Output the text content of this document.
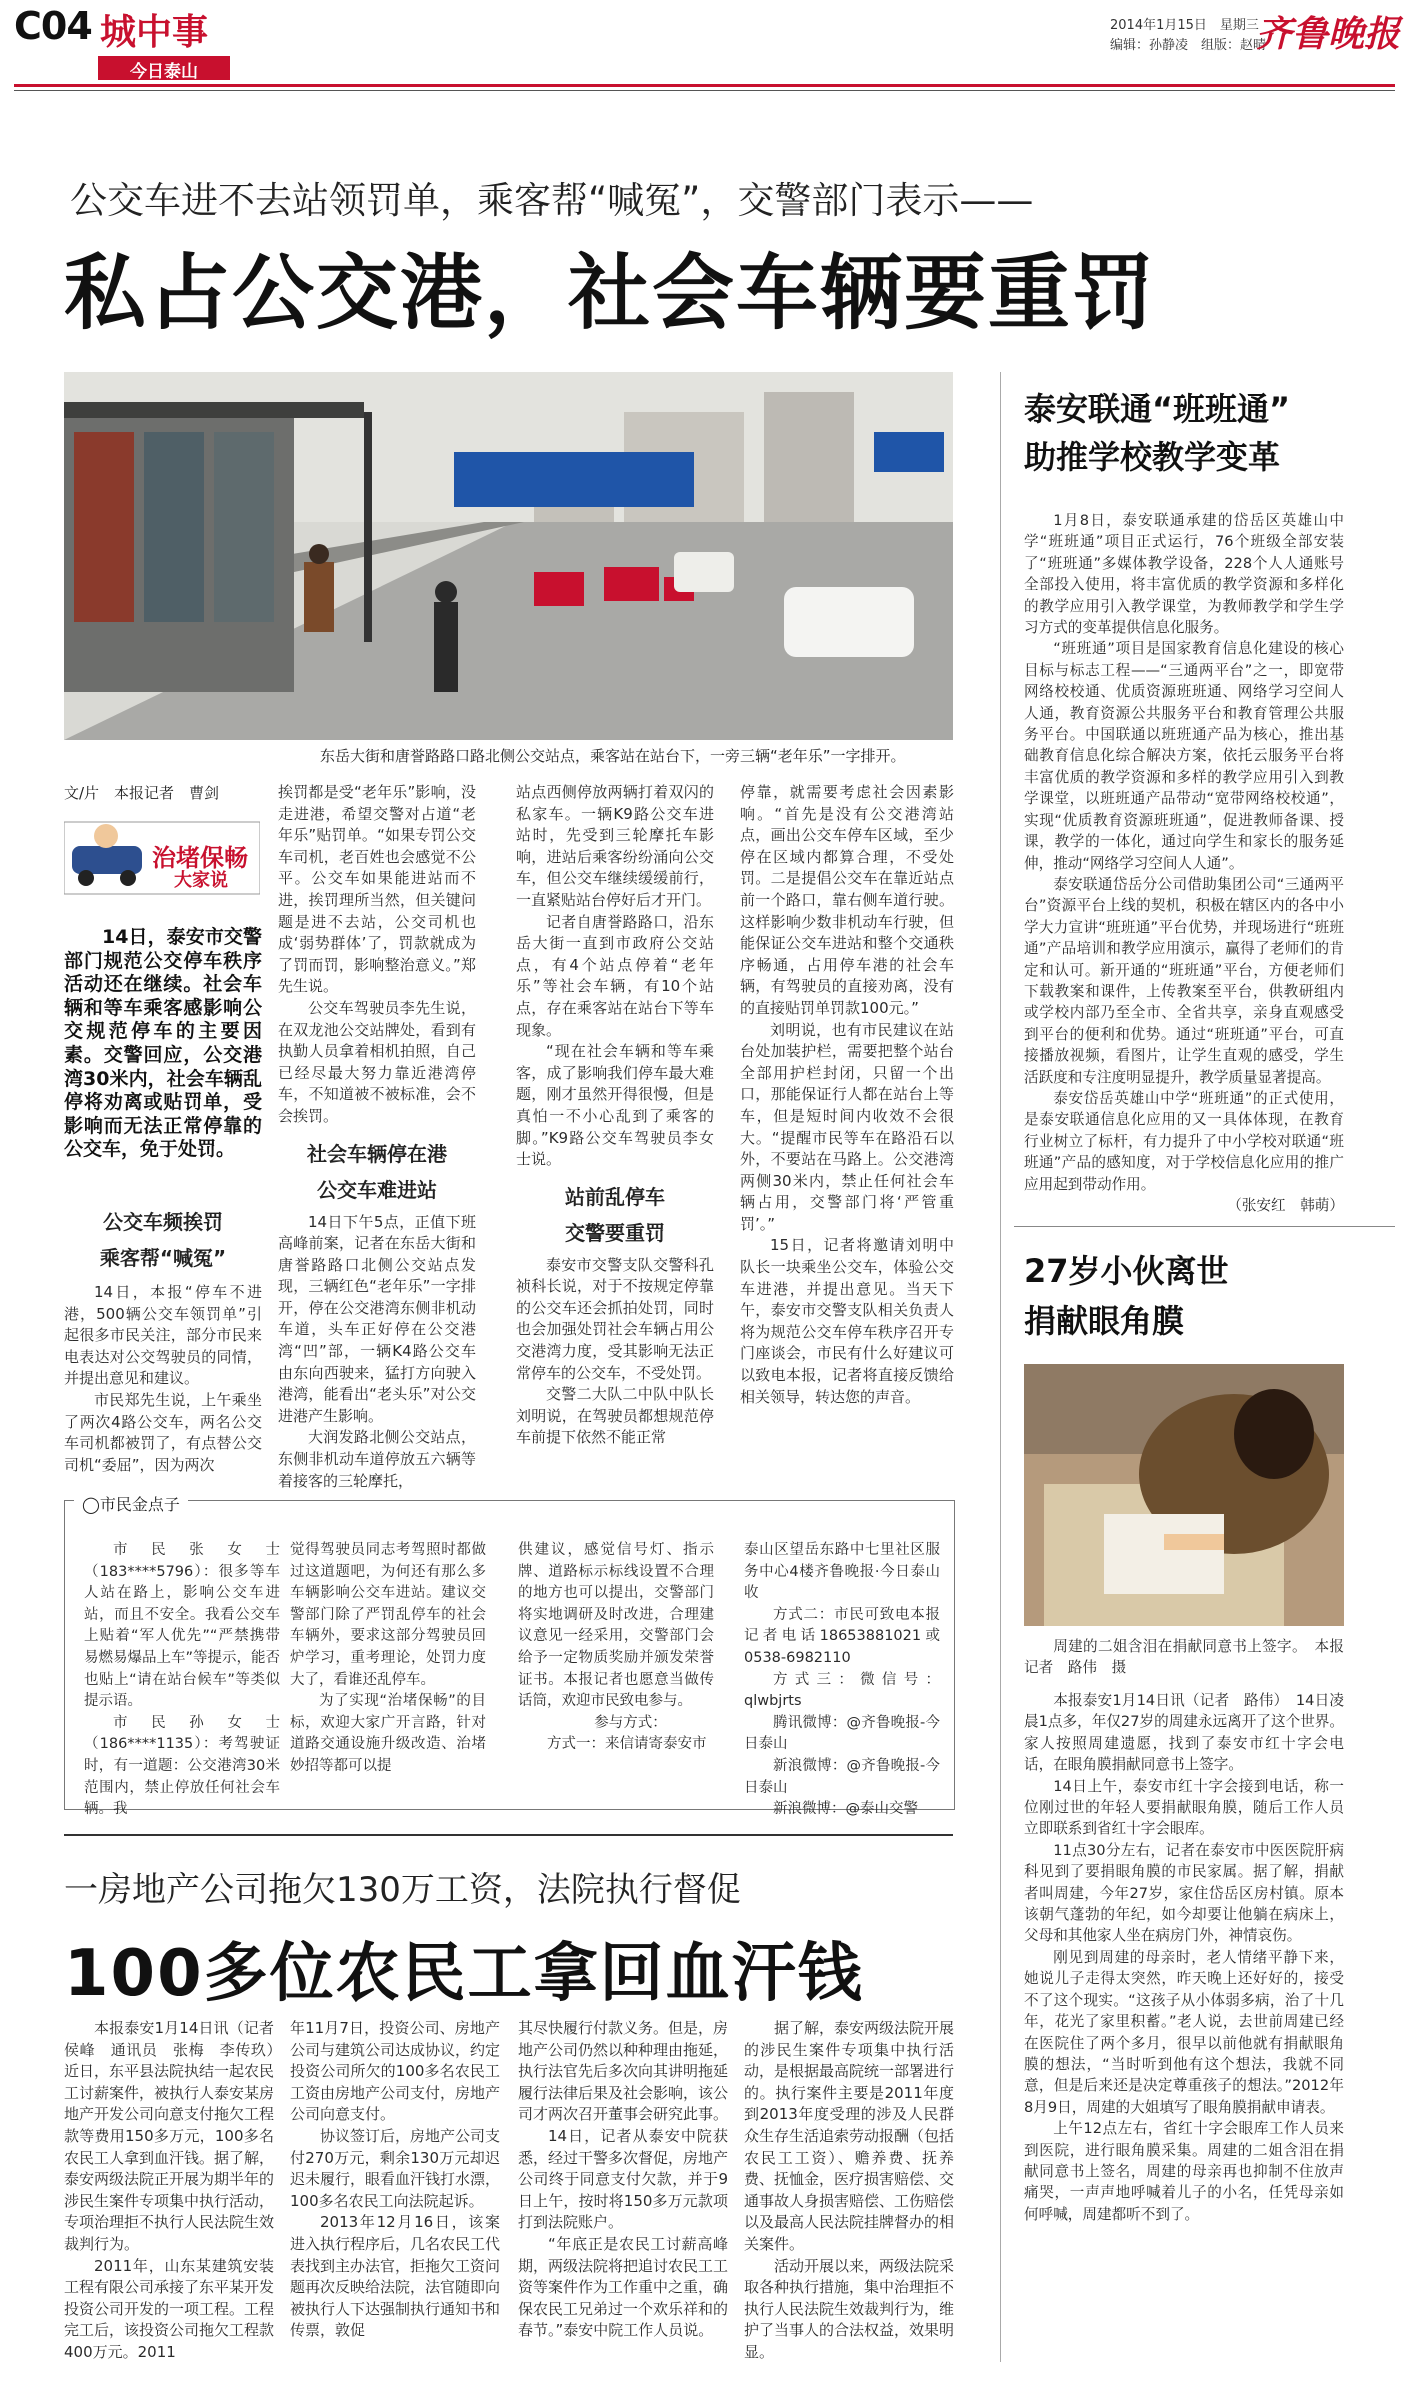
C04 城中事
今日泰山
2014年1月15日　星期三
编辑：孙静凌　组版：赵晴
齐鲁晚报
公交车进不去站领罚单，乘客帮“喊冤”，交警部门表示——
私占公交港，社会车辆要重罚
东岳大街和唐誉路路口路北侧公交站点，乘客站在站台下，一旁三辆“老年乐”一字排开。
文/片　本报记者　曹剑
治堵保畅
大家说
14日，泰安市交警部门规范公交停车秩序活动还在继续。社会车辆和等车乘客感影响公交规范停车的主要因素。交警回应，公交港湾30米内，社会车辆乱停将劝离或贴罚单，受影响而无法正常停靠的公交车，免于处罚。
公交车频挨罚
乘客帮“喊冤”

14日，本报“停车不进港，500辆公交车领罚单”引起很多市民关注，部分市民来电表达对公交驾驶员的同情，并提出意见和建议。

市民郑先生说，上午乘坐了两次4路公交车，两名公交车司机都被罚了，有点替公交司机“委屈”，因为两次

挨罚都是受“老年乐”影响，没走进港，希望交警对占道“老年乐”贴罚单。“如果专罚公交车司机，老百姓也会感觉不公平。公交车如果能进站而不进，挨罚理所当然，但关键问题是进不去站，公交司机也成‘弱势群体’了，罚款就成为了罚而罚，影响整治意义。”郑先生说。

公交车驾驶员李先生说，在双龙池公交站牌处，看到有执勤人员拿着相机拍照，自己已经尽最大努力靠近港湾停车，不知道被不被标准，会不会挨罚。

社会车辆停在港
公交车难进站

14日下午5点，正值下班高峰前案，记者在东岳大街和唐誉路路口北侧公交站点发现，三辆红色“老年乐”一字排开，停在公交港湾东侧非机动车道，头车正好停在公交港湾“凹”部，一辆K4路公交车由东向西驶来，猛打方向驶入港湾，能看出“老头乐”对公交进港产生影响。

大润发路北侧公交站点，东侧非机动车道停放五六辆等着接客的三轮摩托，

站点西侧停放两辆打着双闪的私家车。一辆K9路公交车进站时，先受到三轮摩托车影响，进站后乘客纷纷涌向公交车，但公交车继续缓缓前行，一直紧贴站台停好后才开门。

记者自唐誉路路口，沿东岳大街一直到市政府公交站点，有4个站点停着“老年乐”等社会车辆，有10个站点，存在乘客站在站台下等车现象。

“现在社会车辆和等车乘客，成了影响我们停车最大难题，刚才虽然开得很慢，但是真怕一不小心乱到了乘客的脚。”K9路公交车驾驶员李女士说。

站前乱停车
交警要重罚

泰安市交警支队交警科孔祯科长说，对于不按规定停靠的公交车还会抓拍处罚，同时也会加强处罚社会车辆占用公交港湾力度，受其影响无法正常停车的公交车，不受处罚。

交警二大队二中队中队长刘明说，在驾驶员都想规范停车前提下依然不能正常

停靠，就需要考虑社会因素影响。“首先是没有公交港湾站点，画出公交车停车区域，至少停在区域内都算合理，不受处罚。二是提倡公交车在靠近站点前一个路口，靠右侧车道行驶。这样影响少数非机动车行驶，但能保证公交车进站和整个交通秩序畅通，占用停车港的社会车辆，有驾驶员的直接劝离，没有的直接贴罚单罚款100元。”

刘明说，也有市民建议在站台处加装护栏，需要把整个站台全部用护栏封闭，只留一个出口，那能保证行人都在站台上等车，但是短时间内收效不会很大。“提醒市民等车在路沿石以外，不要站在马路上。公交港湾两侧30米内，禁止任何社会车辆占用，交警部门将‘严管重罚’。”

15日，记者将邀请刘明中队长一块乘坐公交车，体验公交车进港，并提出意见。当天下午，泰安市交警支队相关负责人将为规范公交车停车秩序召开专门座谈会，市民有什么好建议可以致电本报，记者将直接反馈给相关领导，转达您的声音。

◯市民金点子

市民张女士（183****5796）：很多等车人站在路上，影响公交车进站，而且不安全。我看公交车上贴着“军人优先”“严禁携带易燃易爆品上车”等提示，能否也贴上“请在站台候车”等类似提示语。

市民孙女士（186****1135）：考驾驶证时，有一道题：公交港湾30米范围内，禁止停放任何社会车辆。我

觉得驾驶员同志考驾照时都做过这道题吧，为何还有那么多车辆影响公交车进站。建议交警部门除了严罚乱停车的社会车辆外，要求这部分驾驶员回炉学习，重考理论，处罚力度大了，看谁还乱停车。

为了实现“治堵保畅”的目标，欢迎大家广开言路，针对道路交通设施升级改造、治堵妙招等都可以提

供建议，感觉信号灯、指示牌、道路标示标线设置不合理的地方也可以提出，交警部门将实地调研及时改进，合理建议意见一经采用，交警部门会给予一定物质奖励并颁发荣誉证书。本报记者也愿意当做传话筒，欢迎市民致电参与。

参与方式：

方式一：来信请寄泰安市

泰山区望岳东路中七里社区服务中心4楼齐鲁晚报·今日泰山收

方式二：市民可致电本报记者电话18653881021或0538-6982110

方式三：微信号：qlwbjrts

腾讯微博：@齐鲁晚报-今日泰山

新浪微博：@齐鲁晚报-今日泰山

新浪微博：@泰山交警

一房地产公司拖欠130万工资，法院执行督促
100多位农民工拿回血汗钱

本报泰安1月14日讯（记者　侯峰　通讯员　张梅　李传玖）　近日，东平县法院执结一起农民工讨薪案件，被执行人泰安某房地产开发公司向意支付拖欠工程款等费用150多万元，100多名农民工人拿到血汗钱。据了解，泰安两级法院正开展为期半年的涉民生案件专项集中执行活动，专项治理拒不执行人民法院生效裁判行为。

2011年，山东某建筑安装工程有限公司承接了东平某开发投资公司开发的一项工程。工程完工后，该投资公司拖欠工程款400万元。2011

年11月7日，投资公司、房地产公司与建筑公司达成协议，约定投资公司所欠的100多名农民工工资由房地产公司支付，房地产公司向意支付。

协议签订后，房地产公司支付270万元，剩余130万元却迟迟未履行，眼看血汗钱打水漂，100多名农民工向法院起诉。

2013年12月16日，该案进入执行程序后，几名农民工代表找到主办法官，拒拖欠工资问题再次反映给法院，法官随即向被执行人下达强制执行通知书和传票，敦促

其尽快履行付款义务。但是，房地产公司仍然以种种理由拖延，执行法官先后多次向其讲明拖延履行法律后果及社会影响，该公司才两次召开董事会研究此事。

14日，记者从泰安中院获悉，经过干警多次督促，房地产公司终于同意支付欠款，并于9日上午，按时将150多万元款项打到法院账户。

“年底正是农民工讨薪高峰期，两级法院将把追讨农民工工资等案件作为工作重中之重，确保农民工兄弟过一个欢乐祥和的春节。”泰安中院工作人员说。

据了解，泰安两级法院开展的涉民生案件专项集中执行活动，是根据最高院统一部署进行的。执行案件主要是2011年度到2013年度受理的涉及人民群众生存生活追索劳动报酬（包括农民工工资）、赡养费、抚养费、抚恤金，医疗损害赔偿、交通事故人身损害赔偿、工伤赔偿以及最高人民法院挂牌督办的相关案件。

活动开展以来，两级法院采取各种执行措施，集中治理拒不执行人民法院生效裁判行为，维护了当事人的合法权益，效果明显。

泰安联通“班班通”
助推学校教学变革

1月8日，泰安联通承建的岱岳区英雄山中学“班班通”项目正式运行，76个班级全部安装了“班班通”多媒体教学设备，228个人人通账号全部投入使用，将丰富优质的教学资源和多样化的教学应用引入教学课堂，为教师教学和学生学习方式的变革提供信息化服务。

“班班通”项目是国家教育信息化建设的核心目标与标志工程——“三通两平台”之一，即宽带网络校校通、优质资源班班通、网络学习空间人人通，教育资源公共服务平台和教育管理公共服务平台。中国联通以班班通产品为核心，推出基础教育信息化综合解决方案，依托云服务平台将丰富优质的教学资源和多样的教学应用引入到教学课堂，以班班通产品带动“宽带网络校校通”，实现“优质教育资源班班通”，促进教师备课、授课，教学的一体化，通过向学生和家长的服务延伸，推动“网络学习空间人人通”。

泰安联通岱岳分公司借助集团公司“三通两平台”资源平台上线的契机，积极在辖区内的各中小学大力宣讲“班班通”平台优势，并现场进行“班班通”产品培训和教学应用演示，赢得了老师们的肯定和认可。新开通的“班班通”平台，方便老师们下载教案和课件，上传教案至平台，供教研组内或学校内部乃至全市、全省共享，亲身直观感受到平台的便利和优势。通过“班班通”平台，可直接播放视频，看图片，让学生直观的感受，学生活跃度和专注度明显提升，教学质量显著提高。

泰安岱岳英雄山中学“班班通”的正式使用，是泰安联通信息化应用的又一具体体现，在教育行业树立了标杆，有力提升了中小学校对联通“班班通”产品的感知度，对于学校信息化应用的推广应用起到带动作用。

（张安红　韩萌）

27岁小伙离世
捐献眼角膜

周建的二姐含泪在捐献同意书上签字。　本报记者　路伟　摄

本报泰安1月14日讯（记者　路伟）　14日凌晨1点多，年仅27岁的周建永远离开了这个世界。家人按照周建遗愿，找到了泰安市红十字会电话，在眼角膜捐献同意书上签字。

14日上午，泰安市红十字会接到电话，称一位刚过世的年轻人要捐献眼角膜，随后工作人员立即联系到省红十字会眼库。

11点30分左右，记者在泰安市中医医院肝病科见到了要捐眼角膜的市民家属。据了解，捐献者叫周建，今年27岁，家住岱岳区房村镇。原本该朝气蓬勃的年纪，如今却要让他躺在病床上，父母和其他家人坐在病房门外，神情哀伤。

刚见到周建的母亲时，老人情绪平静下来，她说儿子走得太突然，昨天晚上还好好的，接受不了这个现实。“这孩子从小体弱多病，治了十几年，花光了家里积蓄。”老人说，去世前周建已经在医院住了两个多月，很早以前他就有捐献眼角膜的想法，“当时听到他有这个想法，我就不同意，但是后来还是决定尊重孩子的想法。”2012年8月9日，周建的大姐填写了眼角膜捐献申请表。

上午12点左右，省红十字会眼库工作人员来到医院，进行眼角膜采集。周建的二姐含泪在捐献同意书上签名，周建的母亲再也抑制不住放声痛哭，一声声地呼喊着儿子的小名，任凭母亲如何呼喊，周建都听不到了。
